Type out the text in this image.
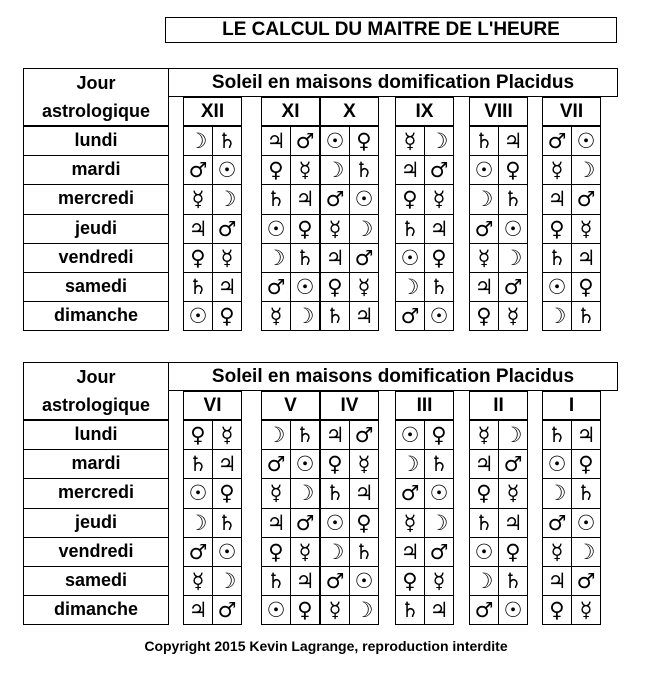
LE CALCUL DU MAITRE DE L'HEURE
Jour
astrologique
Soleil en maisons domification Placidus
lundi
mardi
mercredi
jeudi
vendredi
samedi
dimanche
XII
☽ ♄
♂ ☉
☿ ☽
♃ ♂
♀ ☿
♄ ♃
☉ ♀
XI
♃ ♂
♀ ☿
♄ ♃
☉ ♀
☽ ♄
♂ ☉
☿ ☽
X
☉ ♀
☽ ♄
♂ ☉
☿ ☽
♃ ♂
♀ ☿
♄ ♃
IX
☿ ☽
♃ ♂
♀ ☿
♄ ♃
☉ ♀
☽ ♄
♂ ☉
VIII
♄ ♃
☉ ♀
☽ ♄
♂ ☉
☿ ☽
♃ ♂
♀ ☿
VII
♂ ☉
☿ ☽
♃ ♂
♀ ☿
♄ ♃
☉ ♀
☽ ♄
Jour
astrologique
Soleil en maisons domification Placidus
lundi
mardi
mercredi
jeudi
vendredi
samedi
dimanche
VI
♀ ☿
♄ ♃
☉ ♀
☽ ♄
♂ ☉
☿ ☽
♃ ♂
V
☽ ♄
♂ ☉
☿ ☽
♃ ♂
♀ ☿
♄ ♃
☉ ♀
IV
♃ ♂
♀ ☿
♄ ♃
☉ ♀
☽ ♄
♂ ☉
☿ ☽
III
☉ ♀
☽ ♄
♂ ☉
☿ ☽
♃ ♂
♀ ☿
♄ ♃
II
☿ ☽
♃ ♂
♀ ☿
♄ ♃
☉ ♀
☽ ♄
♂ ☉
I
♄ ♃
☉ ♀
☽ ♄
♂ ☉
☿ ☽
♃ ♂
♀ ☿
Copyright 2015 Kevin Lagrange, reproduction interdite
